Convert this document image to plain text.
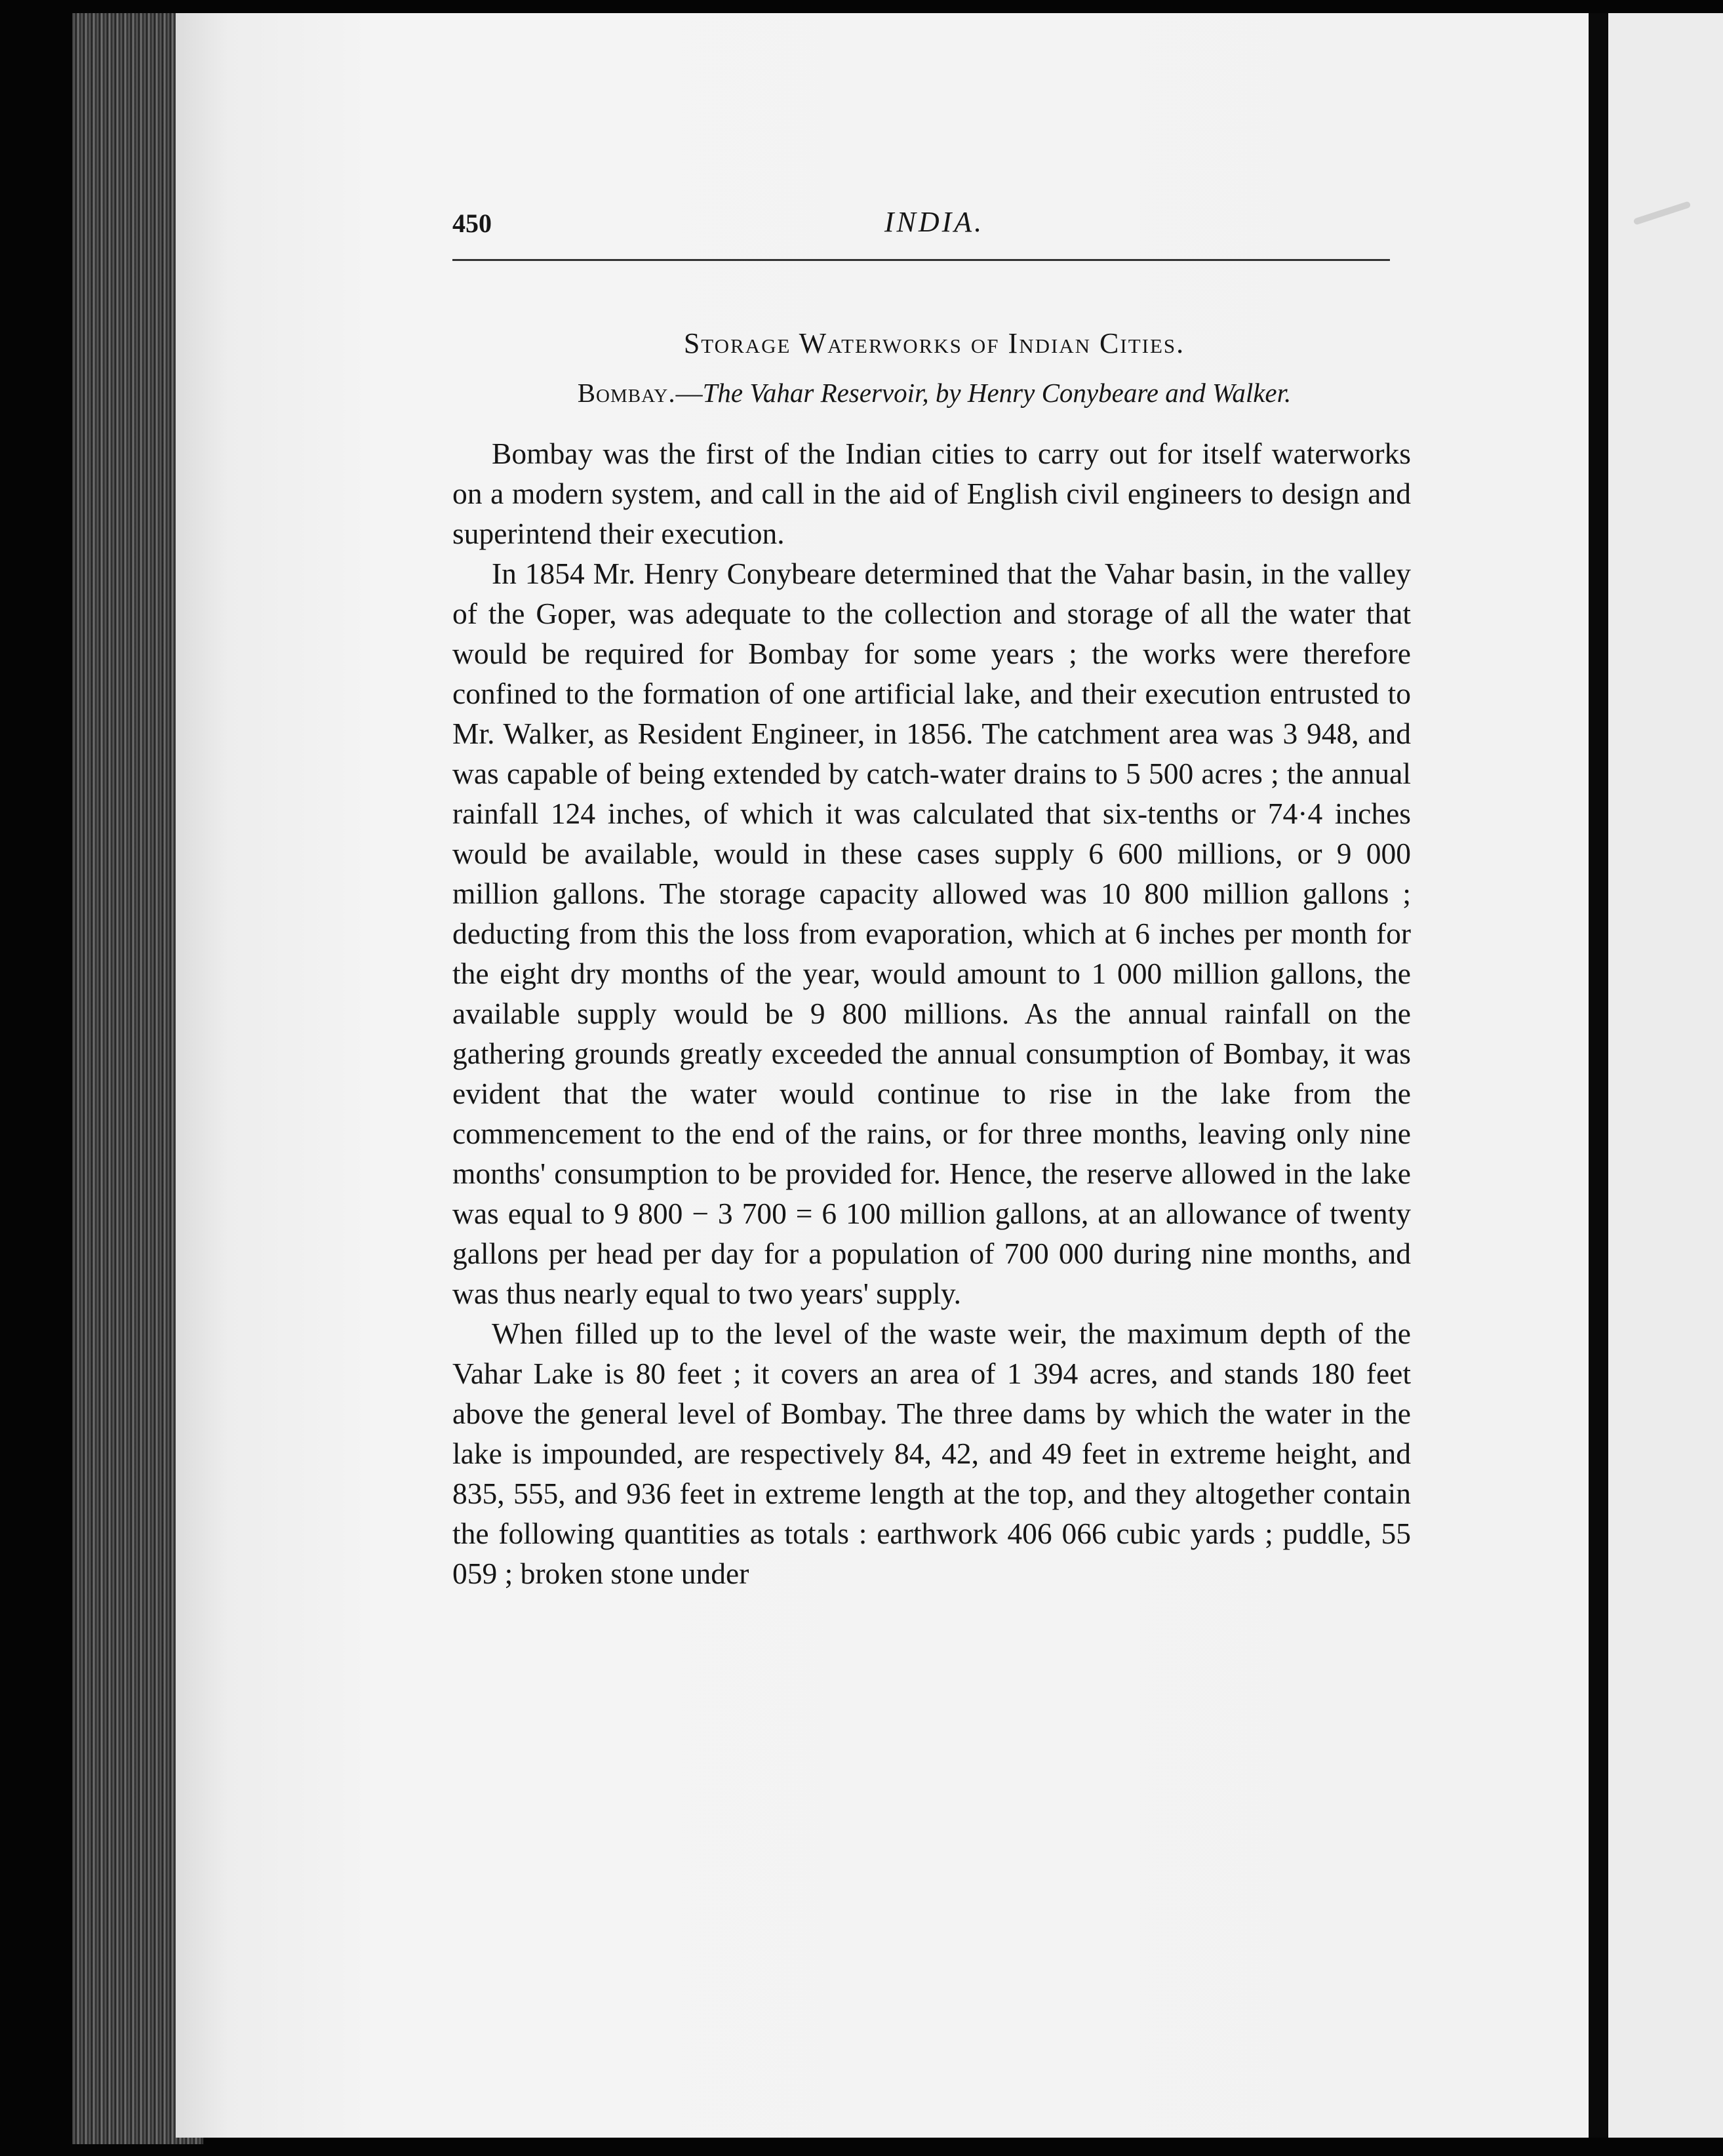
450	INDIA.
Storage Waterworks of Indian Cities.
Bombay.—The Vahar Reservoir, by Henry Conybeare and Walker.

Bombay was the first of the Indian cities to carry out for itself waterworks on a modern system, and call in the aid of English civil engineers to design and superintend their execution.

In 1854 Mr. Henry Conybeare determined that the Vahar basin, in the valley of the Goper, was adequate to the collection and storage of all the water that would be required for Bombay for some years ; the works were therefore confined to the formation of one artificial lake, and their execution entrusted to Mr. Walker, as Resident Engineer, in 1856. The catchment area was 3 948, and was capable of being extended by catch-water drains to 5 500 acres ; the annual rainfall 124 inches, of which it was calculated that six-tenths or 74·4 inches would be available, would in these cases supply 6 600 millions, or 9 000 million gallons. The storage capacity allowed was 10 800 million gallons ; deducting from this the loss from evaporation, which at 6 inches per month for the eight dry months of the year, would amount to 1 000 million gallons, the available supply would be 9 800 millions. As the annual rainfall on the gathering grounds greatly exceeded the annual consumption of Bombay, it was evident that the water would continue to rise in the lake from the commencement to the end of the rains, or for three months, leaving only nine months' consumption to be provided for. Hence, the reserve allowed in the lake was equal to 9 800 − 3 700 = 6 100 million gallons, at an allowance of twenty gallons per head per day for a population of 700 000 during nine months, and was thus nearly equal to two years' supply.

When filled up to the level of the waste weir, the maximum depth of the Vahar Lake is 80 feet ; it covers an area of 1 394 acres, and stands 180 feet above the general level of Bombay. The three dams by which the water in the lake is impounded, are respectively 84, 42, and 49 feet in extreme height, and 835, 555, and 936 feet in extreme length at the top, and they altogether contain the following quantities as totals : earthwork 406 066 cubic yards ; puddle, 55 059 ; broken stone under
